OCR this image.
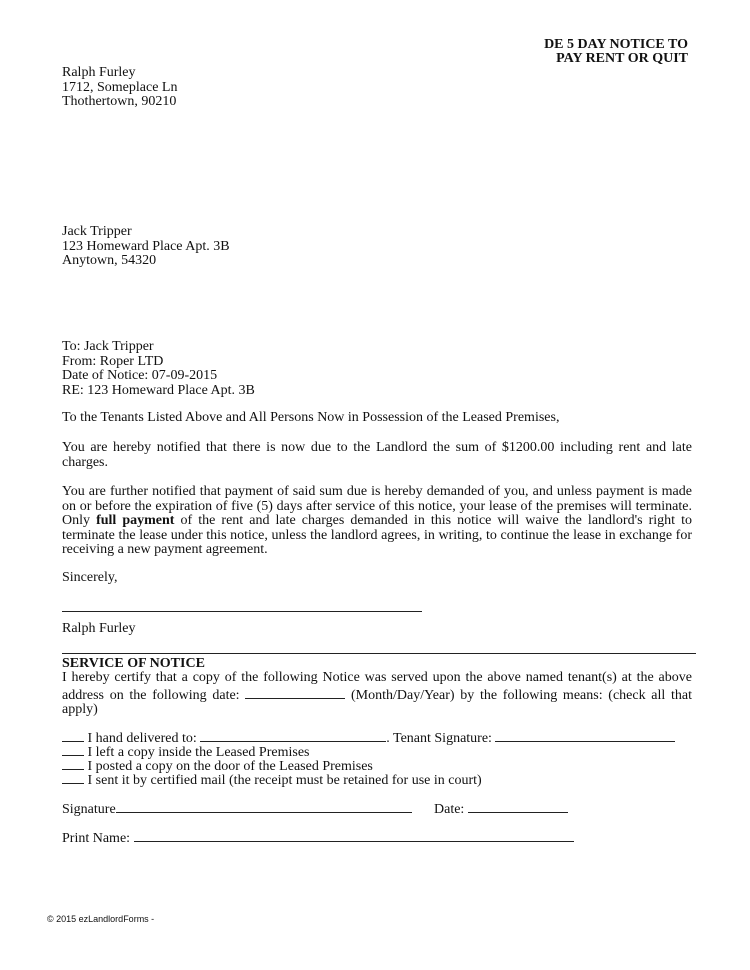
DE 5 DAY NOTICE TO
PAY RENT OR QUIT
Ralph Furley
1712, Someplace Ln
Thothertown, 90210
Jack Tripper
123 Homeward Place Apt. 3B
Anytown, 54320
To: Jack Tripper
From: Roper LTD
Date of Notice: 07-09-2015
RE: 123 Homeward Place Apt. 3B

To the Tenants Listed Above and All Persons Now in Possession of the Leased Premises,

You are hereby notified that there is now due to the Landlord the sum of $1200.00 including rent and late charges.

You are further notified that payment of said sum due is hereby demanded of you, and unless payment is made on or before the expiration of five (5) days after service of this notice, your lease of the premises will terminate. Only full payment of the rent and late charges demanded in this notice will waive the landlord's right to terminate the lease under this notice, unless the landlord agrees, in writing, to continue the lease in exchange for receiving a new payment agreement.

Sincerely,
Ralph Furley
SERVICE OF NOTICE

I hereby certify that a copy of the following Notice was served upon the above named tenant(s) at the above address on the following date:	(Month/Day/Year) by the following means: (check all that apply)

I hand delivered to:	. Tenant Signature:
I left a copy inside the Leased Premises
I posted a copy on the door of the Leased Premises
I sent it by certified mail (the receipt must be retained for use in court)
Signature	Date:
Print Name:
© 2015 ezLandlordForms -
